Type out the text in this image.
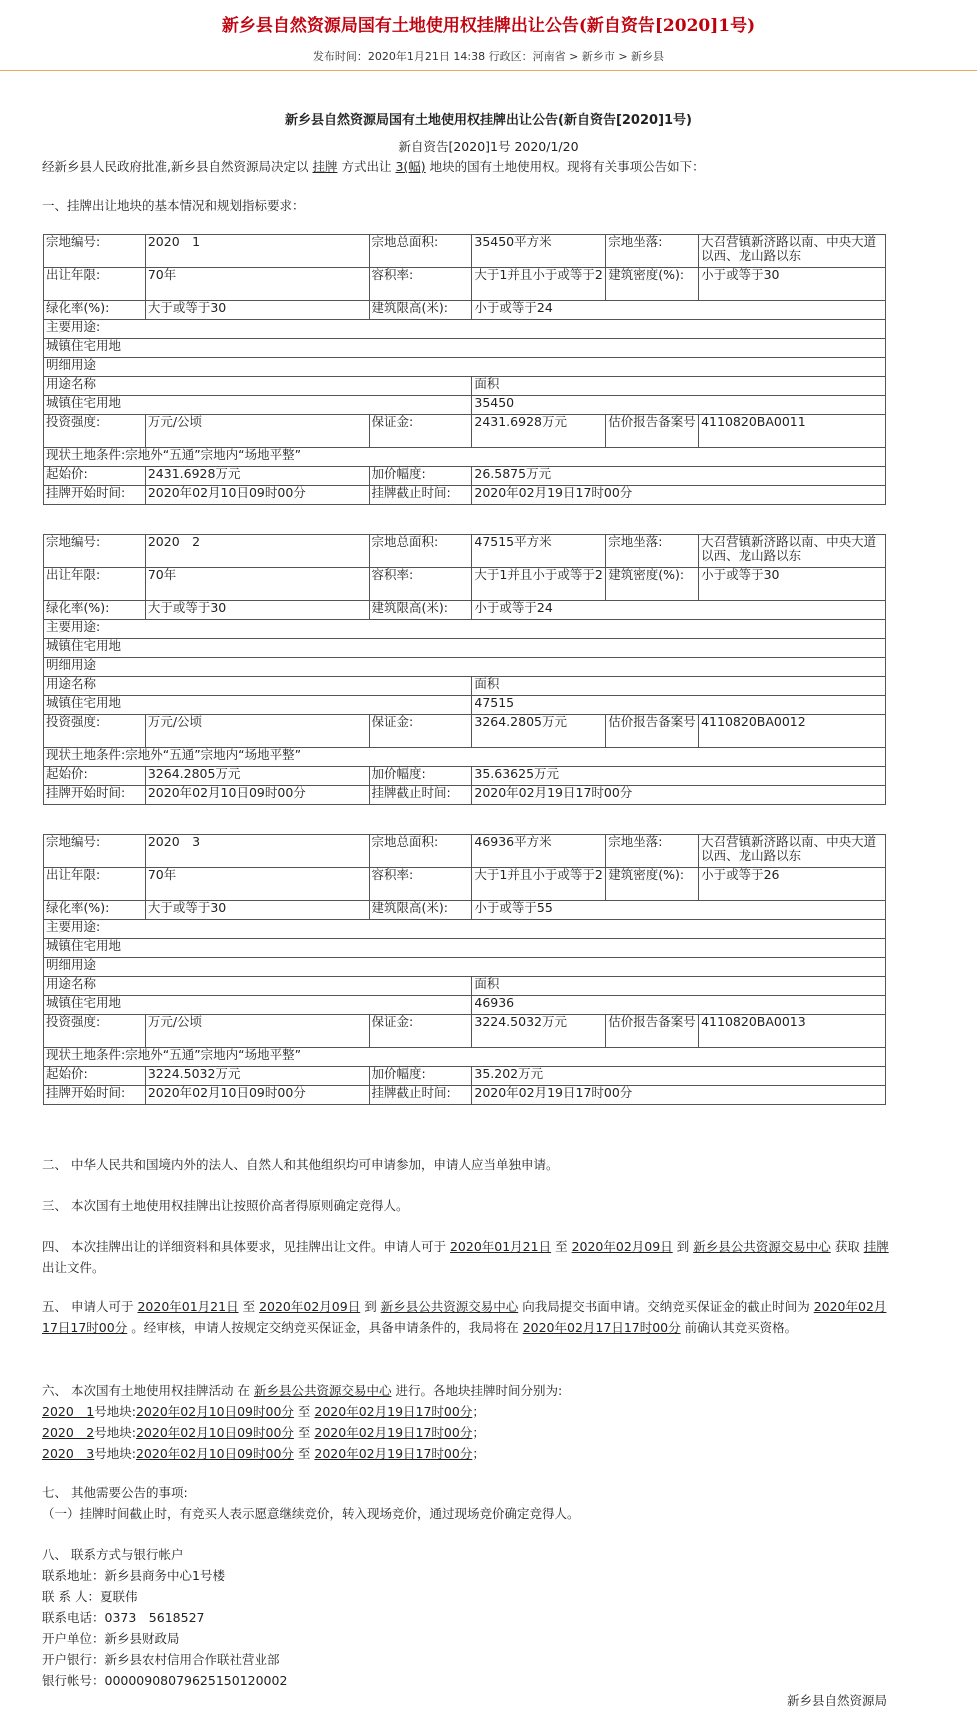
新乡县自然资源局国有土地使用权挂牌出让公告(新自资告[2020]1号)
发布时间：2020年1月21日 14:38 行政区：河南省 > 新乡市 > 新乡县
新乡县自然资源局国有土地使用权挂牌出让公告(新自资告[2020]1号)
新自资告[2020]1号 2020/1/20
经新乡县人民政府批准,新乡县自然资源局决定以 挂牌 方式出让 3(幅) 地块的国有土地使用权。现将有关事项公告如下：
一、挂牌出让地块的基本情况和规划指标要求：
宗地编号:	2020　1	宗地总面积:	35450平方米	宗地坐落:	大召营镇新济路以南、中央大道以西、龙山路以东
出让年限:	70年	容积率:	大于1并且小于或等于2	建筑密度(%):	小于或等于30
绿化率(%):	大于或等于30	建筑限高(米):	小于或等于24		
主要用途:					
城镇住宅用地					
明细用途					
用途名称			面积		
城镇住宅用地			35450		
投资强度:	万元/公顷	保证金:	2431.6928万元	估价报告备案号	4110820BA0011
现状土地条件:宗地外“五通”宗地内“场地平整”					
起始价:	2431.6928万元	加价幅度:	26.5875万元		
挂牌开始时间:	2020年02月10日09时00分	挂牌截止时间:	2020年02月19日17时00分		
宗地编号:	2020　2	宗地总面积:	47515平方米	宗地坐落:	大召营镇新济路以南、中央大道以西、龙山路以东
出让年限:	70年	容积率:	大于1并且小于或等于2	建筑密度(%):	小于或等于30
绿化率(%):	大于或等于30	建筑限高(米):	小于或等于24		
主要用途:					
城镇住宅用地					
明细用途					
用途名称			面积		
城镇住宅用地			47515		
投资强度:	万元/公顷	保证金:	3264.2805万元	估价报告备案号	4110820BA0012
现状土地条件:宗地外“五通”宗地内“场地平整”					
起始价:	3264.2805万元	加价幅度:	35.63625万元		
挂牌开始时间:	2020年02月10日09时00分	挂牌截止时间:	2020年02月19日17时00分		
宗地编号:	2020　3	宗地总面积:	46936平方米	宗地坐落:	大召营镇新济路以南、中央大道以西、龙山路以东
出让年限:	70年	容积率:	大于1并且小于或等于2	建筑密度(%):	小于或等于26
绿化率(%):	大于或等于30	建筑限高(米):	小于或等于55		
主要用途:					
城镇住宅用地					
明细用途					
用途名称			面积		
城镇住宅用地			46936		
投资强度:	万元/公顷	保证金:	3224.5032万元	估价报告备案号	4110820BA0013
现状土地条件:宗地外“五通”宗地内“场地平整”					
起始价:	3224.5032万元	加价幅度:	35.202万元		
挂牌开始时间:	2020年02月10日09时00分	挂牌截止时间:	2020年02月19日17时00分		
二、 中华人民共和国境内外的法人、自然人和其他组织均可申请参加，申请人应当单独申请。
三、 本次国有土地使用权挂牌出让按照价高者得原则确定竞得人。
四、 本次挂牌出让的详细资料和具体要求，见挂牌出让文件。申请人可于 2020年01月21日 至 2020年02月09日 到 新乡县公共资源交易中心 获取 挂牌 出让文件。
五、 申请人可于 2020年01月21日 至 2020年02月09日 到 新乡县公共资源交易中心 向我局提交书面申请。交纳竞买保证金的截止时间为 2020年02月17日17时00分 。经审核，申请人按规定交纳竞买保证金，具备申请条件的，我局将在 2020年02月17日17时00分 前确认其竞买资格。
六、 本次国有土地使用权挂牌活动 在 新乡县公共资源交易中心 进行。各地块挂牌时间分别为:
2020　1号地块:2020年02月10日09时00分 至 2020年02月19日17时00分；
2020　2号地块:2020年02月10日09时00分 至 2020年02月19日17时00分；
2020　3号地块:2020年02月10日09时00分 至 2020年02月19日17时00分；
七、 其他需要公告的事项:
（一）挂牌时间截止时，有竞买人表示愿意继续竞价，转入现场竞价，通过现场竞价确定竞得人。
八、 联系方式与银行帐户
联系地址：新乡县商务中心1号楼
联 系 人：夏联伟
联系电话：0373　5618527
开户单位：新乡县财政局
开户银行：新乡县农村信用合作联社营业部
银行帐号：00000908079625150120002
新乡县自然资源局
